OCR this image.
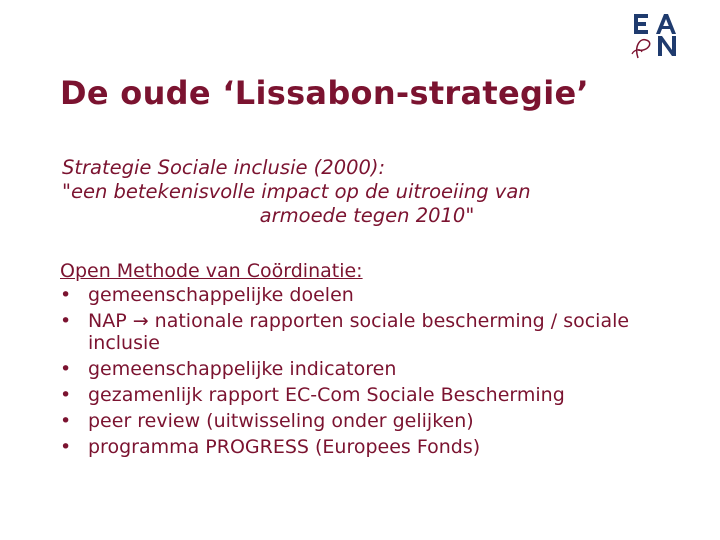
De oude ‘Lissabon-strategie’
Strategie Sociale inclusie (2000):
"een betekenisvolle impact op de uitroeiing van
armoede tegen 2010"
Open Methode van Coördinatie:
• gemeenschappelijke doelen
• NAP → nationale rapporten sociale bescherming / sociale inclusie
• gemeenschappelijke indicatoren
• gezamenlijk rapport EC-Com Sociale Bescherming
• peer review (uitwisseling onder gelijken)
• programma PROGRESS (Europees Fonds)
